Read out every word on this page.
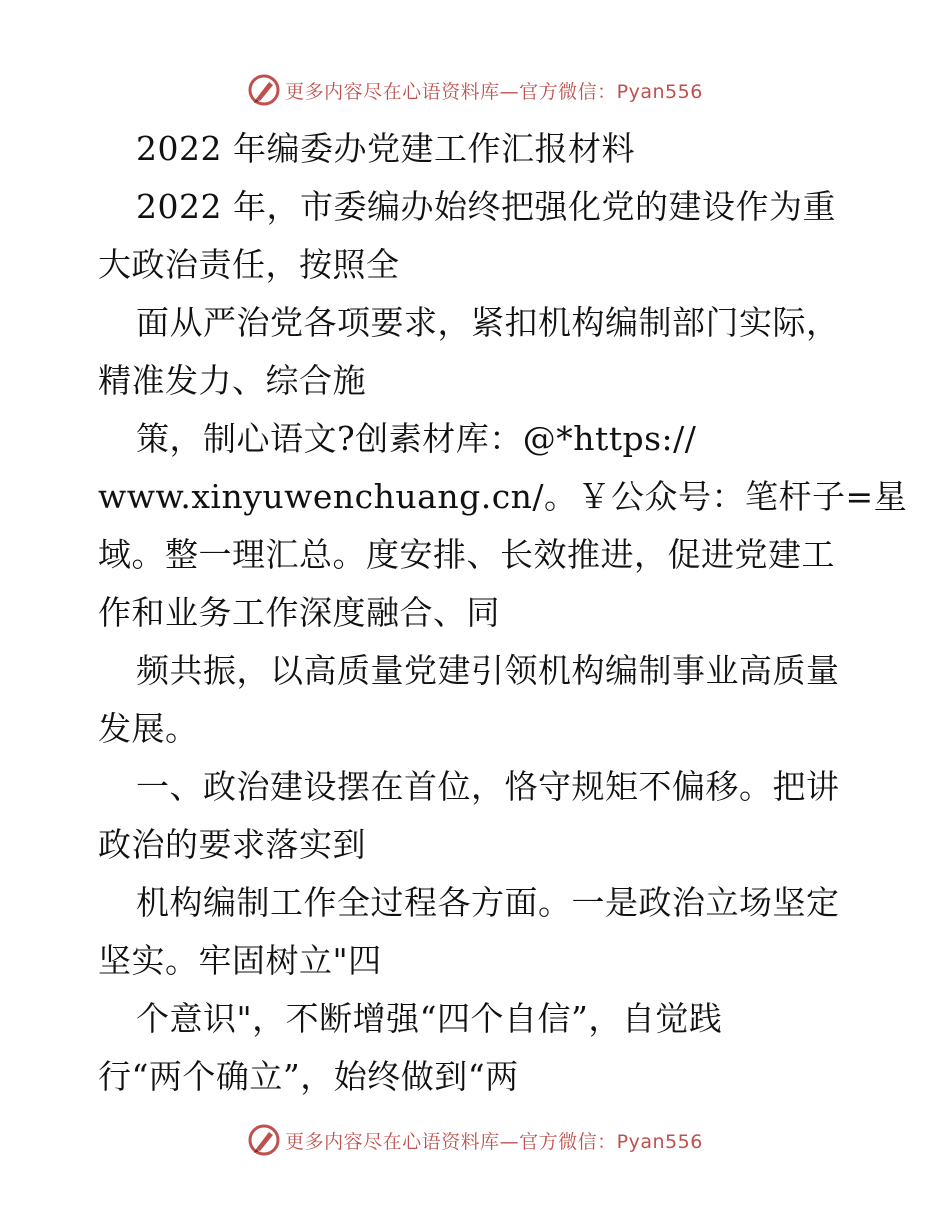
更多内容尽在心语资料库—官方微信：Pyan556
2022 年编委办党建工作汇报材料
2022 年，市委编办始终把强化党的建设作为重
大政治责任，按照全
面从严治党各项要求，紧扣机构编制部门实际，
精准发力、综合施
策，制心语文?创素材库：@*https://
www.xinyuwenchuang.cn/。￥公众号：笔杆子=星
域。整一理汇总。度安排、长效推进，促进党建工
作和业务工作深度融合、同
频共振，以高质量党建引领机构编制事业高质量
发展。
一、政治建设摆在首位，恪守规矩不偏移。把讲
政治的要求落实到
机构编制工作全过程各方面。一是政治立场坚定
坚实。牢固树立"四
个意识"，不断增强“四个自信”，自觉践
行“两个确立”，始终做到“两
更多内容尽在心语资料库—官方微信：Pyan556
